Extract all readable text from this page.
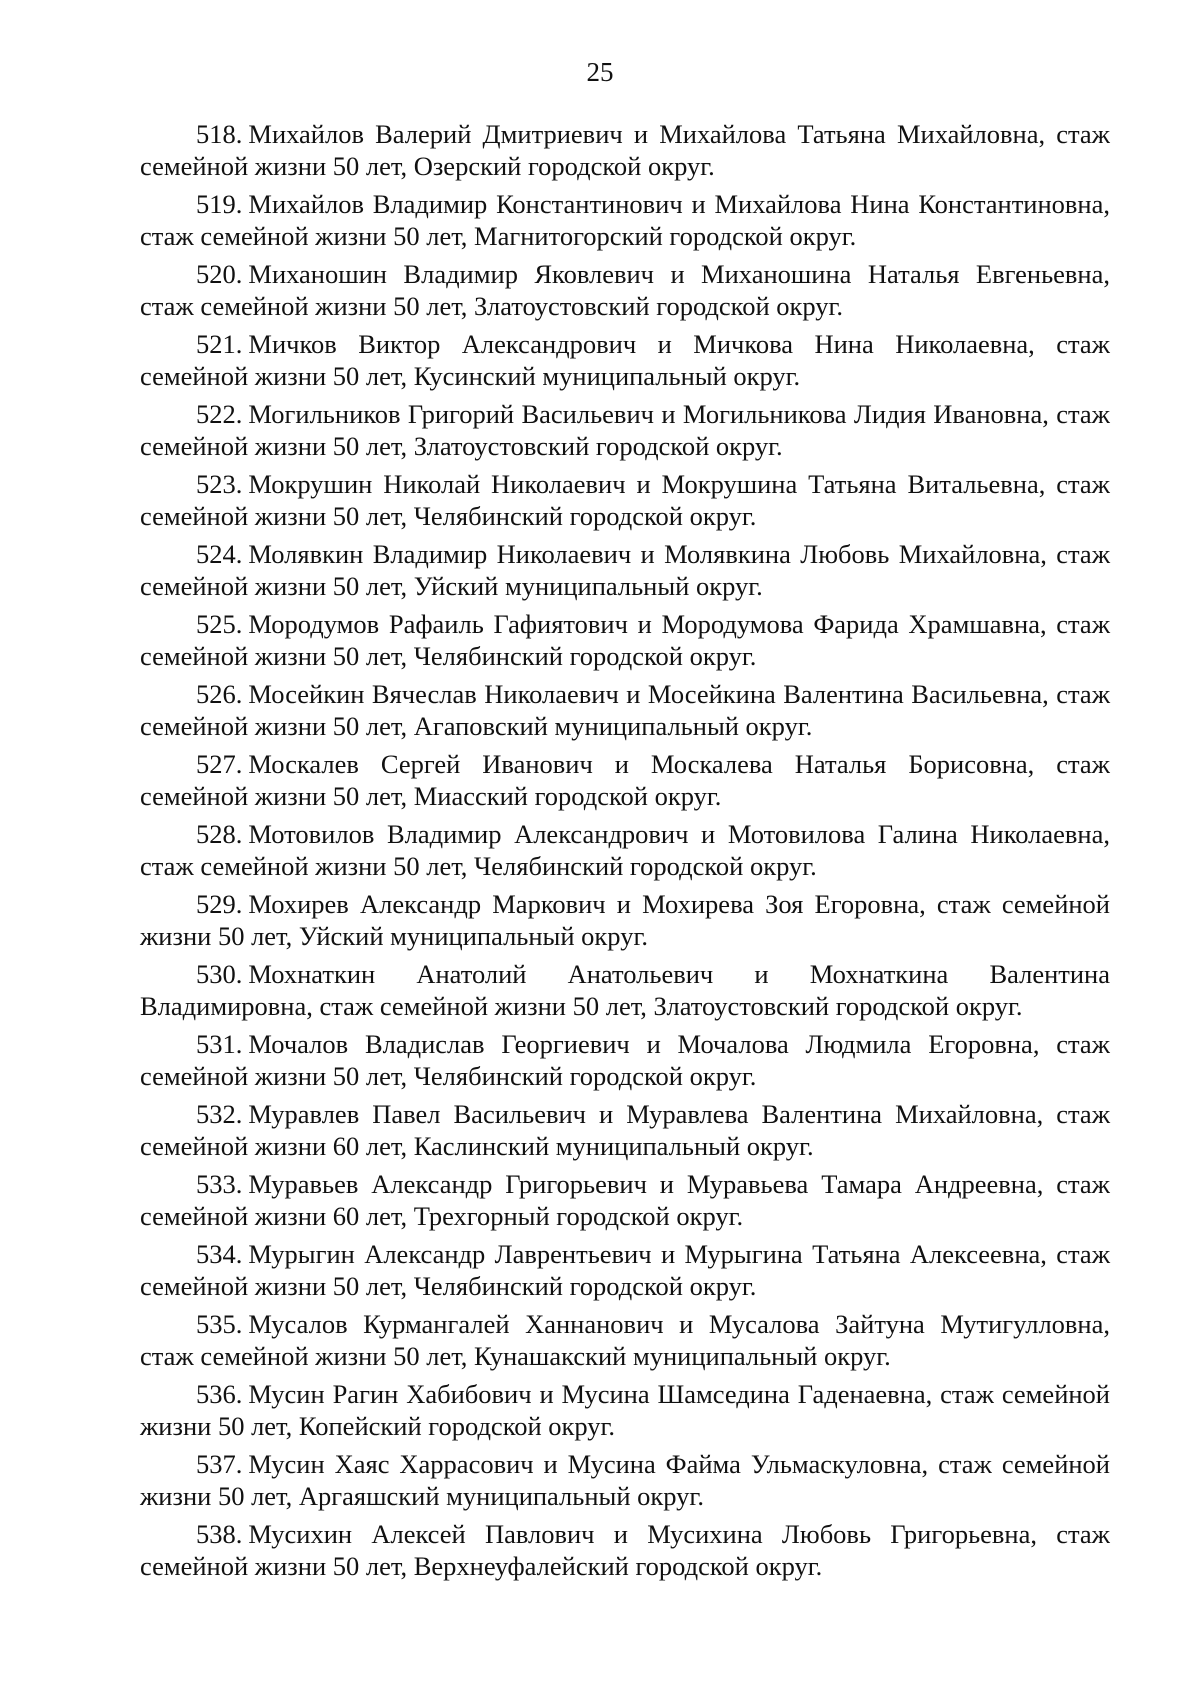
25
518. Михайлов Валерий Дмитриевич и Михайлова Татьяна Михайловна, стаж семейной жизни 50 лет, Озерский городской округ.
519. Михайлов Владимир Константинович и Михайлова Нина Константиновна, стаж семейной жизни 50 лет, Магнитогорский городской округ.
520. Миханошин Владимир Яковлевич и Миханошина Наталья Евгеньевна, стаж семейной жизни 50 лет, Златоустовский городской округ.
521. Мичков Виктор Александрович и Мичкова Нина Николаевна, стаж семейной жизни 50 лет, Кусинский муниципальный округ.
522. Могильников Григорий Васильевич и Могильникова Лидия Ивановна, стаж семейной жизни 50 лет, Златоустовский городской округ.
523. Мокрушин Николай Николаевич и Мокрушина Татьяна Витальевна, стаж семейной жизни 50 лет, Челябинский городской округ.
524. Молявкин Владимир Николаевич и Молявкина Любовь Михайловна, стаж семейной жизни 50 лет, Уйский муниципальный округ.
525. Мородумов Рафаиль Гафиятович и Мородумова Фарида Храмшавна, стаж семейной жизни 50 лет, Челябинский городской округ.
526. Мосейкин Вячеслав Николаевич и Мосейкина Валентина Васильевна, стаж семейной жизни 50 лет, Агаповский муниципальный округ.
527. Москалев Сергей Иванович и Москалева Наталья Борисовна, стаж семейной жизни 50 лет, Миасский городской округ.
528. Мотовилов Владимир Александрович и Мотовилова Галина Николаевна, стаж семейной жизни 50 лет, Челябинский городской округ.
529. Мохирев Александр Маркович и Мохирева Зоя Егоровна, стаж семейной жизни 50 лет, Уйский муниципальный округ.
530. Мохнаткин Анатолий Анатольевич и Мохнаткина Валентина Владимировна, стаж семейной жизни 50 лет, Златоустовский городской округ.
531. Мочалов Владислав Георгиевич и Мочалова Людмила Егоровна, стаж семейной жизни 50 лет, Челябинский городской округ.
532. Муравлев Павел Васильевич и Муравлева Валентина Михайловна, стаж семейной жизни 60 лет, Каслинский муниципальный округ.
533. Муравьев Александр Григорьевич и Муравьева Тамара Андреевна, стаж семейной жизни 60 лет, Трехгорный городской округ.
534. Мурыгин Александр Лаврентьевич и Мурыгина Татьяна Алексеевна, стаж семейной жизни 50 лет, Челябинский городской округ.
535. Мусалов Курмангалей Ханнанович и Мусалова Зайтуна Мутигулловна, стаж семейной жизни 50 лет, Кунашакский муниципальный округ.
536. Мусин Рагин Хабибович и Мусина Шамседина Гаденаевна, стаж семейной жизни 50 лет, Копейский городской округ.
537. Мусин Хаяс Харрасович и Мусина Файма Ульмаскуловна, стаж семейной жизни 50 лет, Аргаяшский муниципальный округ.
538. Мусихин Алексей Павлович и Мусихина Любовь Григорьевна, стаж семейной жизни 50 лет, Верхнеуфалейский городской округ.
